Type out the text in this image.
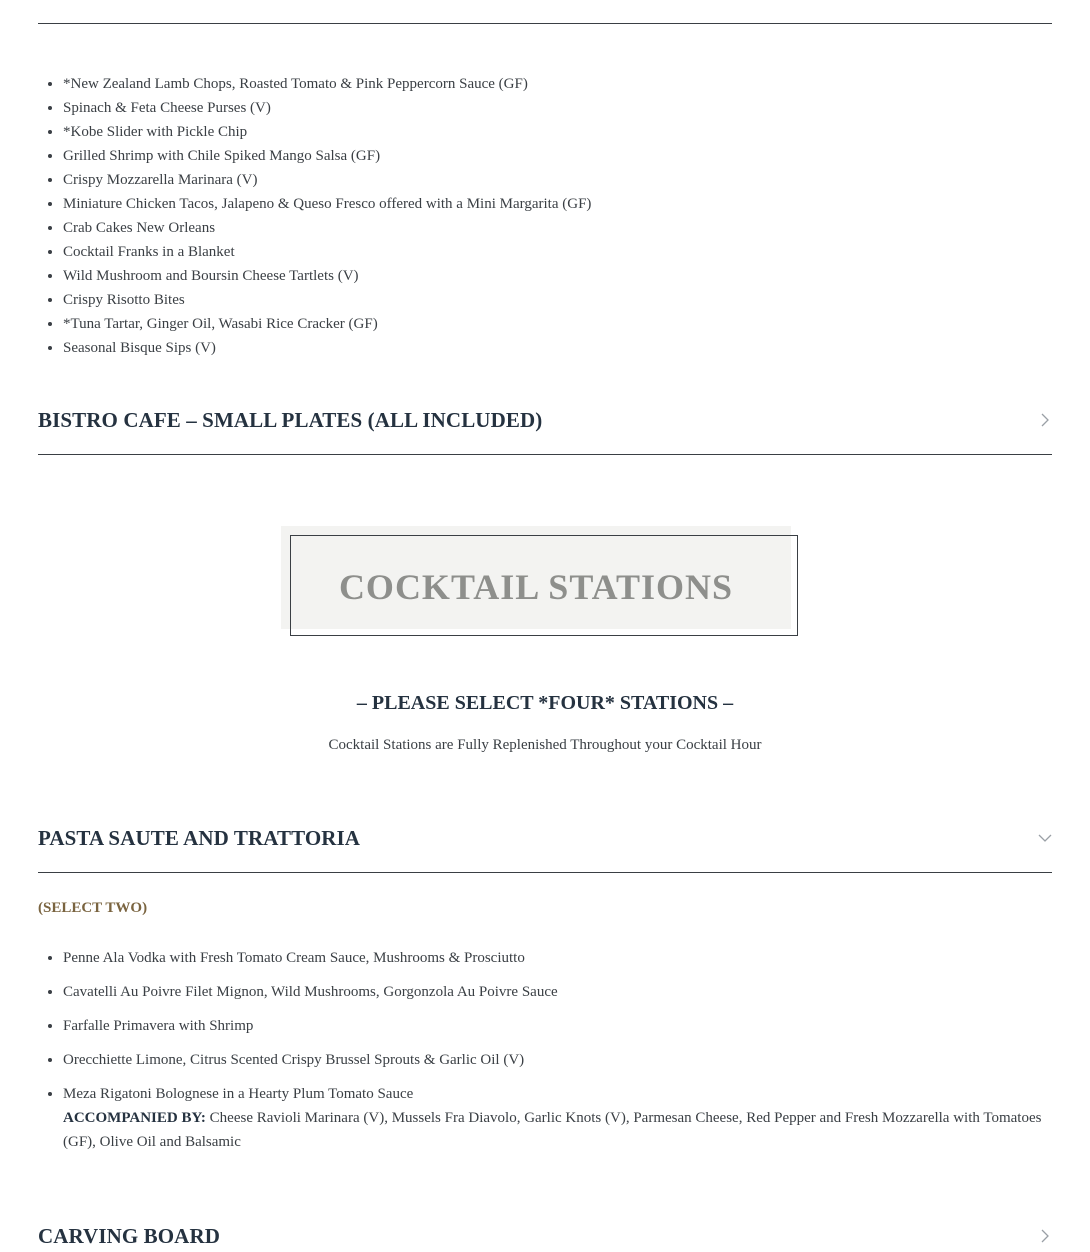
• *New Zealand Lamb Chops, Roasted Tomato & Pink Peppercorn Sauce (GF)
• Spinach & Feta Cheese Purses (V)
• *Kobe Slider with Pickle Chip
• Grilled Shrimp with Chile Spiked Mango Salsa (GF)
• Crispy Mozzarella Marinara (V)
• Miniature Chicken Tacos, Jalapeno & Queso Fresco offered with a Mini Margarita (GF)
• Crab Cakes New Orleans
• Cocktail Franks in a Blanket
• Wild Mushroom and Boursin Cheese Tartlets (V)
• Crispy Risotto Bites
• *Tuna Tartar, Ginger Oil, Wasabi Rice Cracker (GF)
• Seasonal Bisque Sips (V)
BISTRO CAFE – SMALL PLATES (ALL INCLUDED)
COCKTAIL STATIONS
– PLEASE SELECT *FOUR* STATIONS –
Cocktail Stations are Fully Replenished Throughout your Cocktail Hour
PASTA SAUTE AND TRATTORIA
(SELECT TWO)
• Penne Ala Vodka with Fresh Tomato Cream Sauce, Mushrooms & Prosciutto
• Cavatelli Au Poivre Filet Mignon, Wild Mushrooms, Gorgonzola Au Poivre Sauce
• Farfalle Primavera with Shrimp
• Orecchiette Limone, Citrus Scented Crispy Brussel Sprouts & Garlic Oil (V)
• Meza Rigatoni Bolognese in a Hearty Plum Tomato Sauce
ACCOMPANIED BY: Cheese Ravioli Marinara (V), Mussels Fra Diavolo, Garlic Knots (V), Parmesan Cheese, Red Pepper and Fresh Mozzarella with Tomatoes (GF), Olive Oil and Balsamic
CARVING BOARD
